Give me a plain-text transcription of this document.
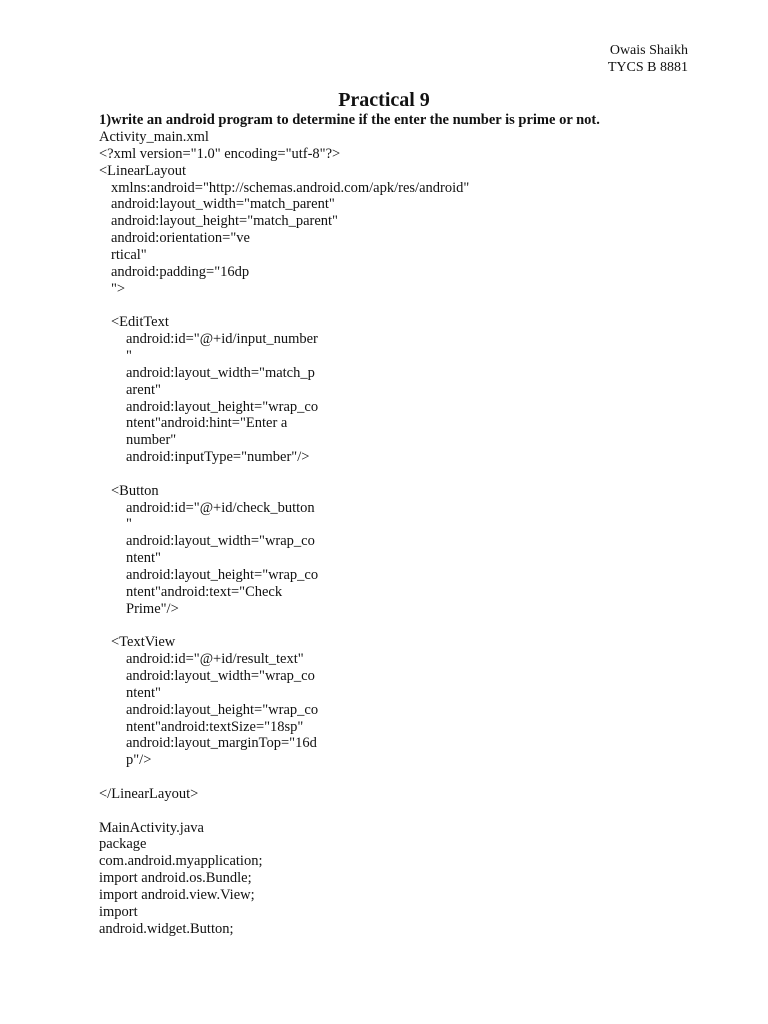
Owais Shaikh
TYCS B 8881
Practical 9
1)write an android program to determine if the enter the number is prime or not.
Activity_main.xml
<?xml version="1.0" encoding="utf-8"?>
<LinearLayout
xmlns:android="http://schemas.android.com/apk/res/android"
android:layout_width="match_parent"
android:layout_height="match_parent"
android:orientation="ve
rtical"
android:padding="16dp
">
<EditText
android:id="@+id/input_number
"
android:layout_width="match_p
arent"
android:layout_height="wrap_co
ntent"android:hint="Enter a
number"
android:inputType="number"/>
<Button
android:id="@+id/check_button
"
android:layout_width="wrap_co
ntent"
android:layout_height="wrap_co
ntent"android:text="Check
Prime"/>
<TextView
android:id="@+id/result_text"
android:layout_width="wrap_co
ntent"
android:layout_height="wrap_co
ntent"android:textSize="18sp"
android:layout_marginTop="16d
p"/>
</LinearLayout>
MainActivity.java
package
com.android.myapplication;
import android.os.Bundle;
import android.view.View;
import
android.widget.Button;
